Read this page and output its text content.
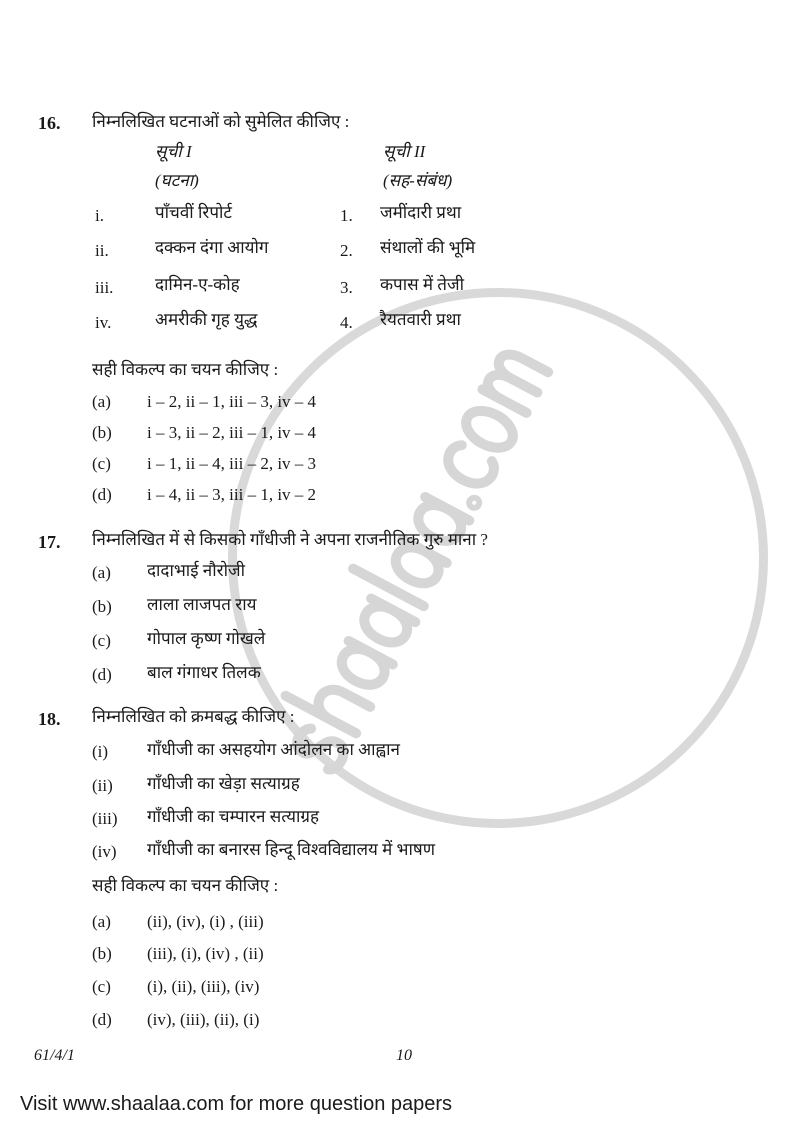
16. निम्नलिखित घटनाओं को सुमेलित कीजिए :
सूची I
(घटना)
सूची II
(सह-संबंध)
i.	पाँचवीं रिपोर्ट	1. जमींदारी प्रथा
ii.	दक्कन दंगा आयोग	2. संथालों की भूमि
iii. दामिन-ए-कोह	3. कपास में तेजी
iv.	अमरीकी गृह युद्ध	4. रैयतवारी प्रथा
सही विकल्प का चयन कीजिए :
(a) i – 2, ii – 1, iii – 3, iv – 4
(b) i – 3, ii – 2, iii – 1, iv – 4
(c) i – 1, ii – 4, iii – 2, iv – 3
(d) i – 4, ii – 3, iii – 1, iv – 2
17. निम्नलिखित में से किसको गाँधीजी ने अपना राजनीतिक गुरु माना ?
(a) दादाभाई नौरोजी
(b) लाला लाजपत राय
(c) गोपाल कृष्ण गोखले
(d) बाल गंगाधर तिलक
18. निम्नलिखित को क्रमबद्ध कीजिए :
(i) गाँधीजी का असहयोग आंदोलन का आह्वान
(ii) गाँधीजी का खेड़ा सत्याग्रह
(iii) गाँधीजी का चम्पारन सत्याग्रह
(iv) गाँधीजी का बनारस हिन्दू विश्वविद्यालय में भाषण
सही विकल्प का चयन कीजिए :
(a) (ii), (iv), (i) , (iii)
(b) (iii), (i), (iv) , (ii)
(c) (i), (ii), (iii), (iv)
(d) (iv), (iii), (ii), (i)
61/4/1	10
Visit www.shaalaa.com for more question papers
